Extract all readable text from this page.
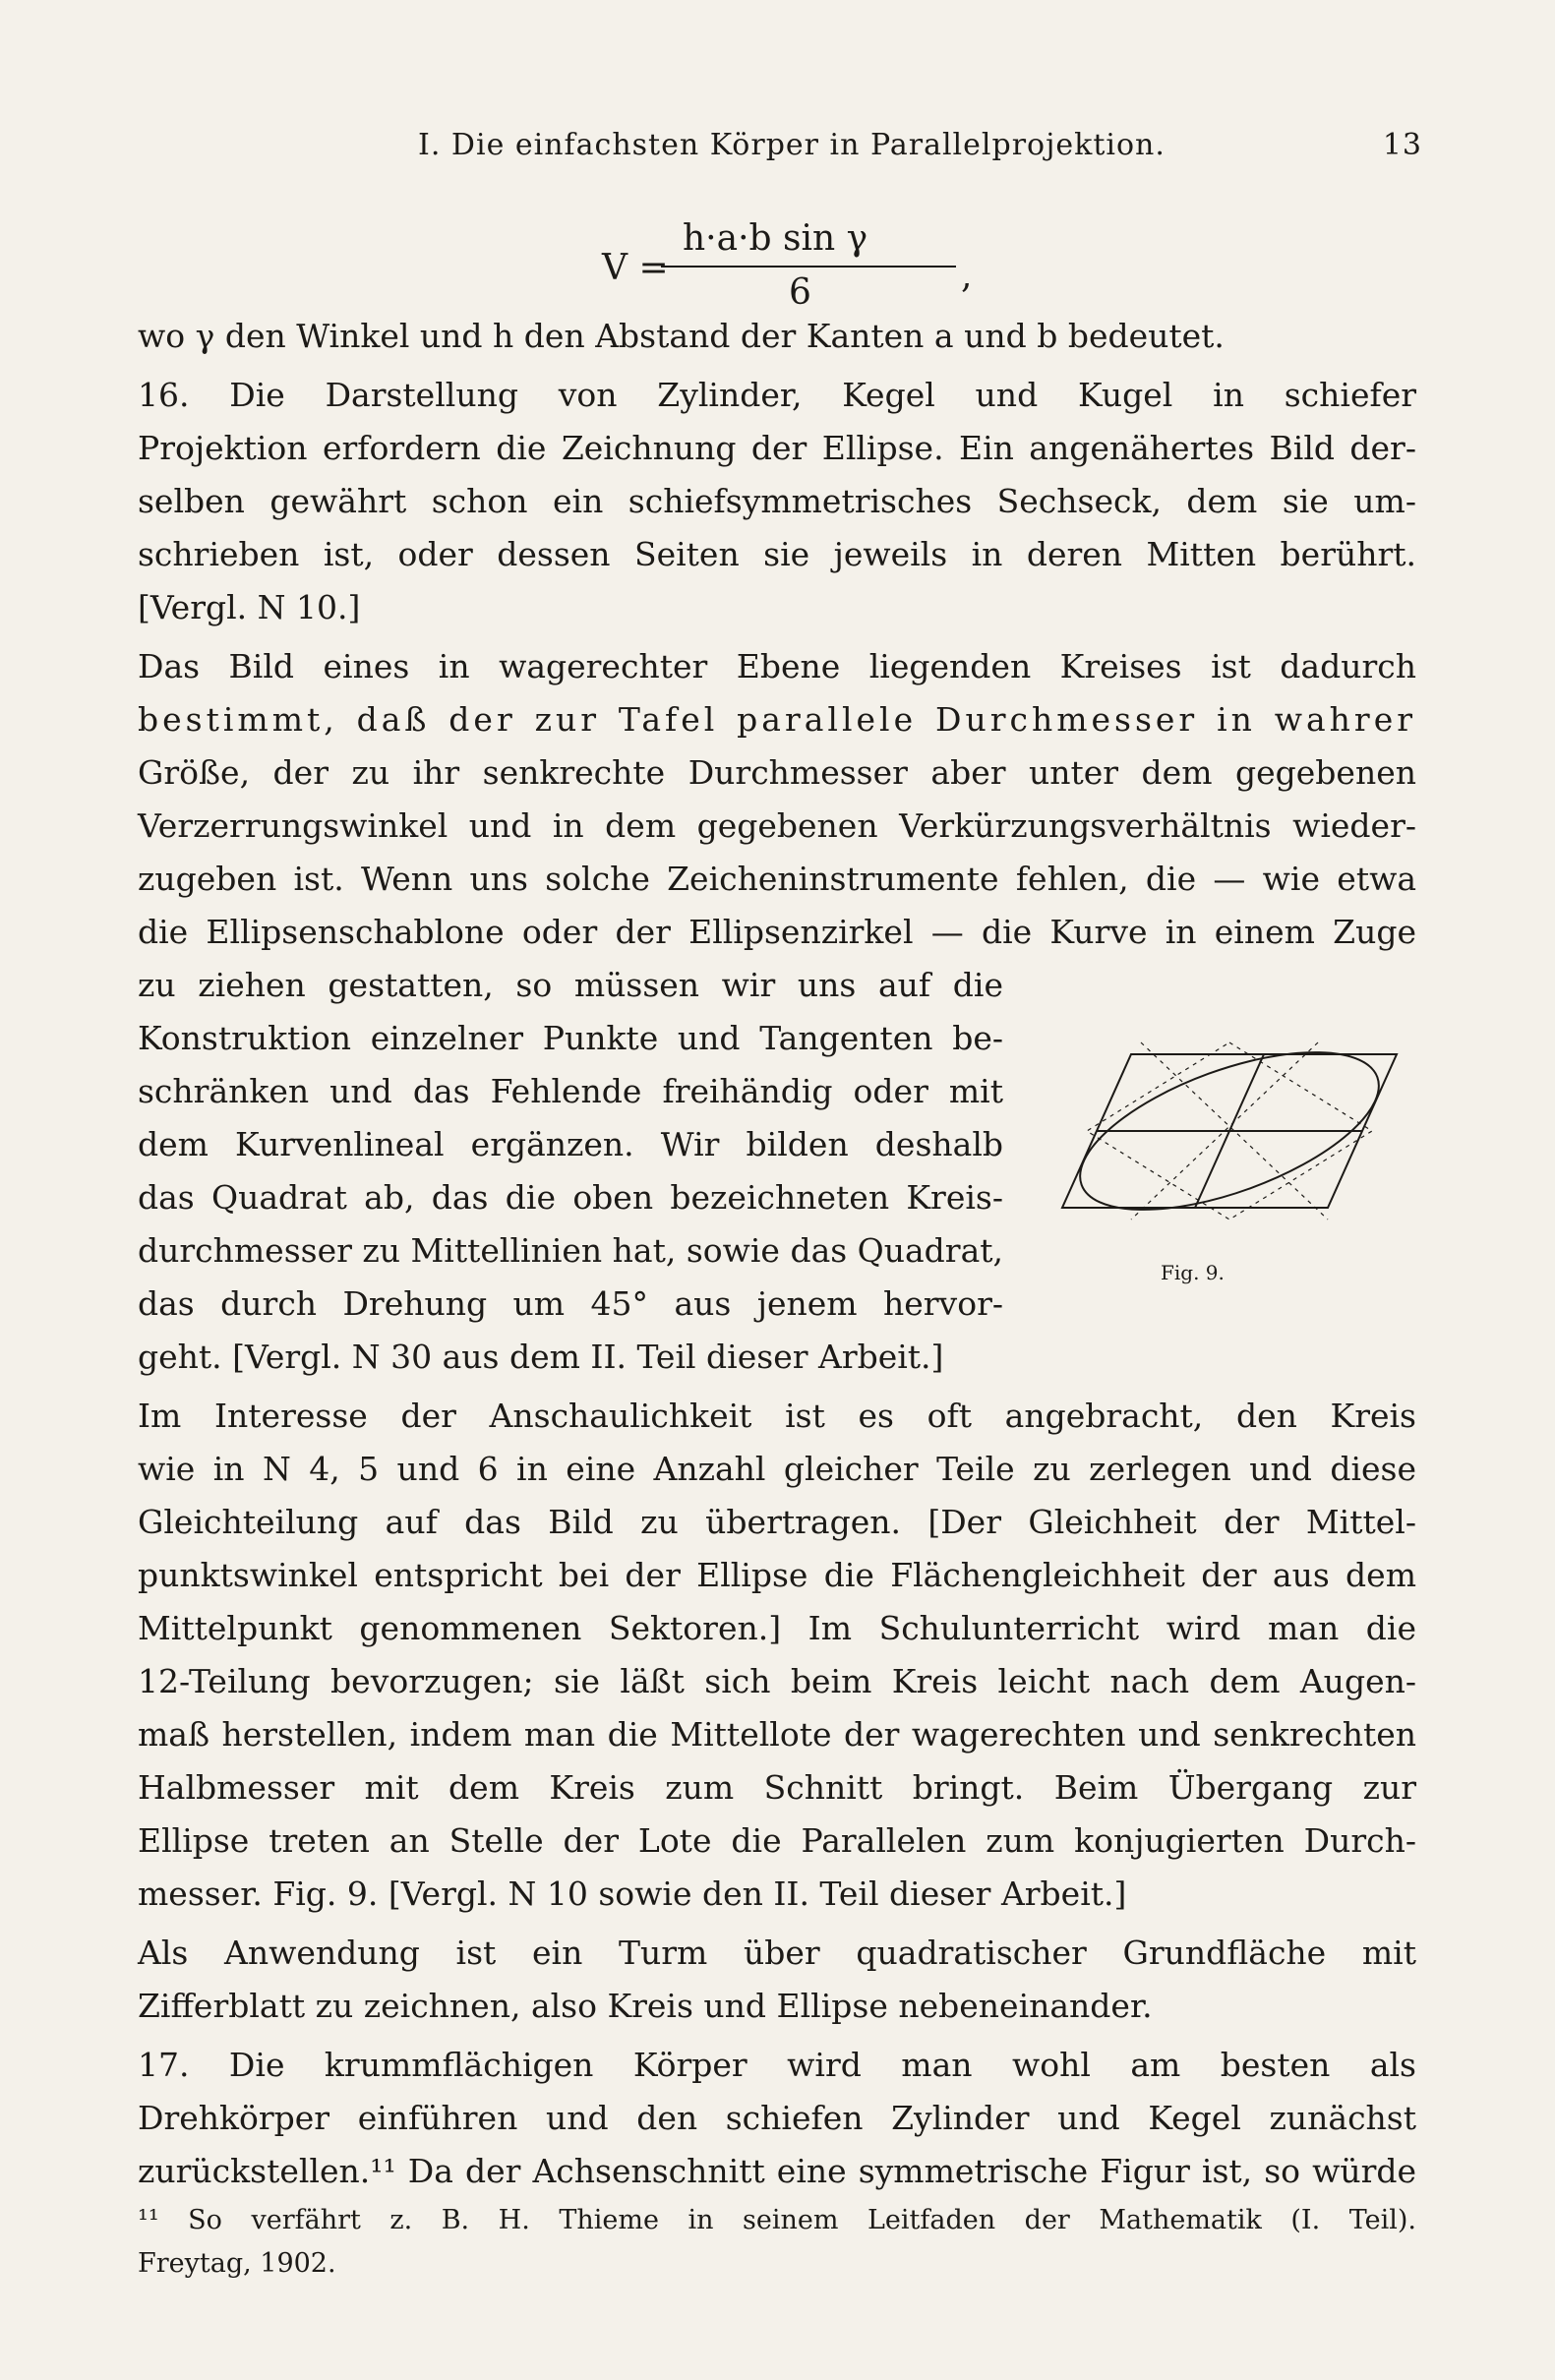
I. Die einfachsten Körper in Parallelprojektion.	13
V =
h·a·b sin γ
6	,
wo γ den Winkel und h den Abstand der Kanten a und b bedeutet.
16. Die Darstellung von Zylinder, Kegel und Kugel in schiefer
Projektion erfordern die Zeichnung der Ellipse. Ein angenähertes Bild der-
selben gewährt schon ein schiefsymmetrisches Sechseck, dem sie um-
schrieben ist, oder dessen Seiten sie jeweils in deren Mitten berührt.
[Vergl. N 10.]
Das Bild eines in wagerechter Ebene liegenden Kreises ist dadurch
bestimmt, daß der zur Tafel parallele Durchmesser in wahrer
Größe, der zu ihr senkrechte Durchmesser aber unter dem gegebenen
Verzerrungswinkel und in dem gegebenen Verkürzungsverhältnis wieder-
zugeben ist. Wenn uns solche Zeicheninstrumente fehlen, die — wie etwa
die Ellipsenschablone oder der Ellipsenzirkel — die Kurve in einem Zuge
zu ziehen gestatten, so müssen wir uns auf die
Konstruktion einzelner Punkte und Tangenten be-
schränken und das Fehlende freihändig oder mit
dem Kurvenlineal ergänzen. Wir bilden deshalb
das Quadrat ab, das die oben bezeichneten Kreis-
durchmesser zu Mittellinien hat, sowie das Quadrat,
das durch Drehung um 45° aus jenem hervor-
geht. [Vergl. N 30 aus dem II. Teil dieser Arbeit.]
Im Interesse der Anschaulichkeit ist es oft angebracht, den Kreis
wie in N 4, 5 und 6 in eine Anzahl gleicher Teile zu zerlegen und diese
Gleichteilung auf das Bild zu übertragen. [Der Gleichheit der Mittel-
punktswinkel entspricht bei der Ellipse die Flächengleichheit der aus dem
Mittelpunkt genommenen Sektoren.] Im Schulunterricht wird man die
12-Teilung bevorzugen; sie läßt sich beim Kreis leicht nach dem Augen-
maß herstellen, indem man die Mittellote der wagerechten und senkrechten
Halbmesser mit dem Kreis zum Schnitt bringt. Beim Übergang zur
Ellipse treten an Stelle der Lote die Parallelen zum konjugierten Durch-
messer. Fig. 9. [Vergl. N 10 sowie den II. Teil dieser Arbeit.]
Als Anwendung ist ein Turm über quadratischer Grundfläche mit
Zifferblatt zu zeichnen, also Kreis und Ellipse nebeneinander.
17. Die krummflächigen Körper wird man wohl am besten als
Drehkörper einführen und den schiefen Zylinder und Kegel zunächst
zurückstellen.¹¹ Da der Achsenschnitt eine symmetrische Figur ist, so würde
Fig. 9.
¹¹ So verfährt z. B. H. Thieme in seinem Leitfaden der Mathematik (I. Teil).
Freytag, 1902.
